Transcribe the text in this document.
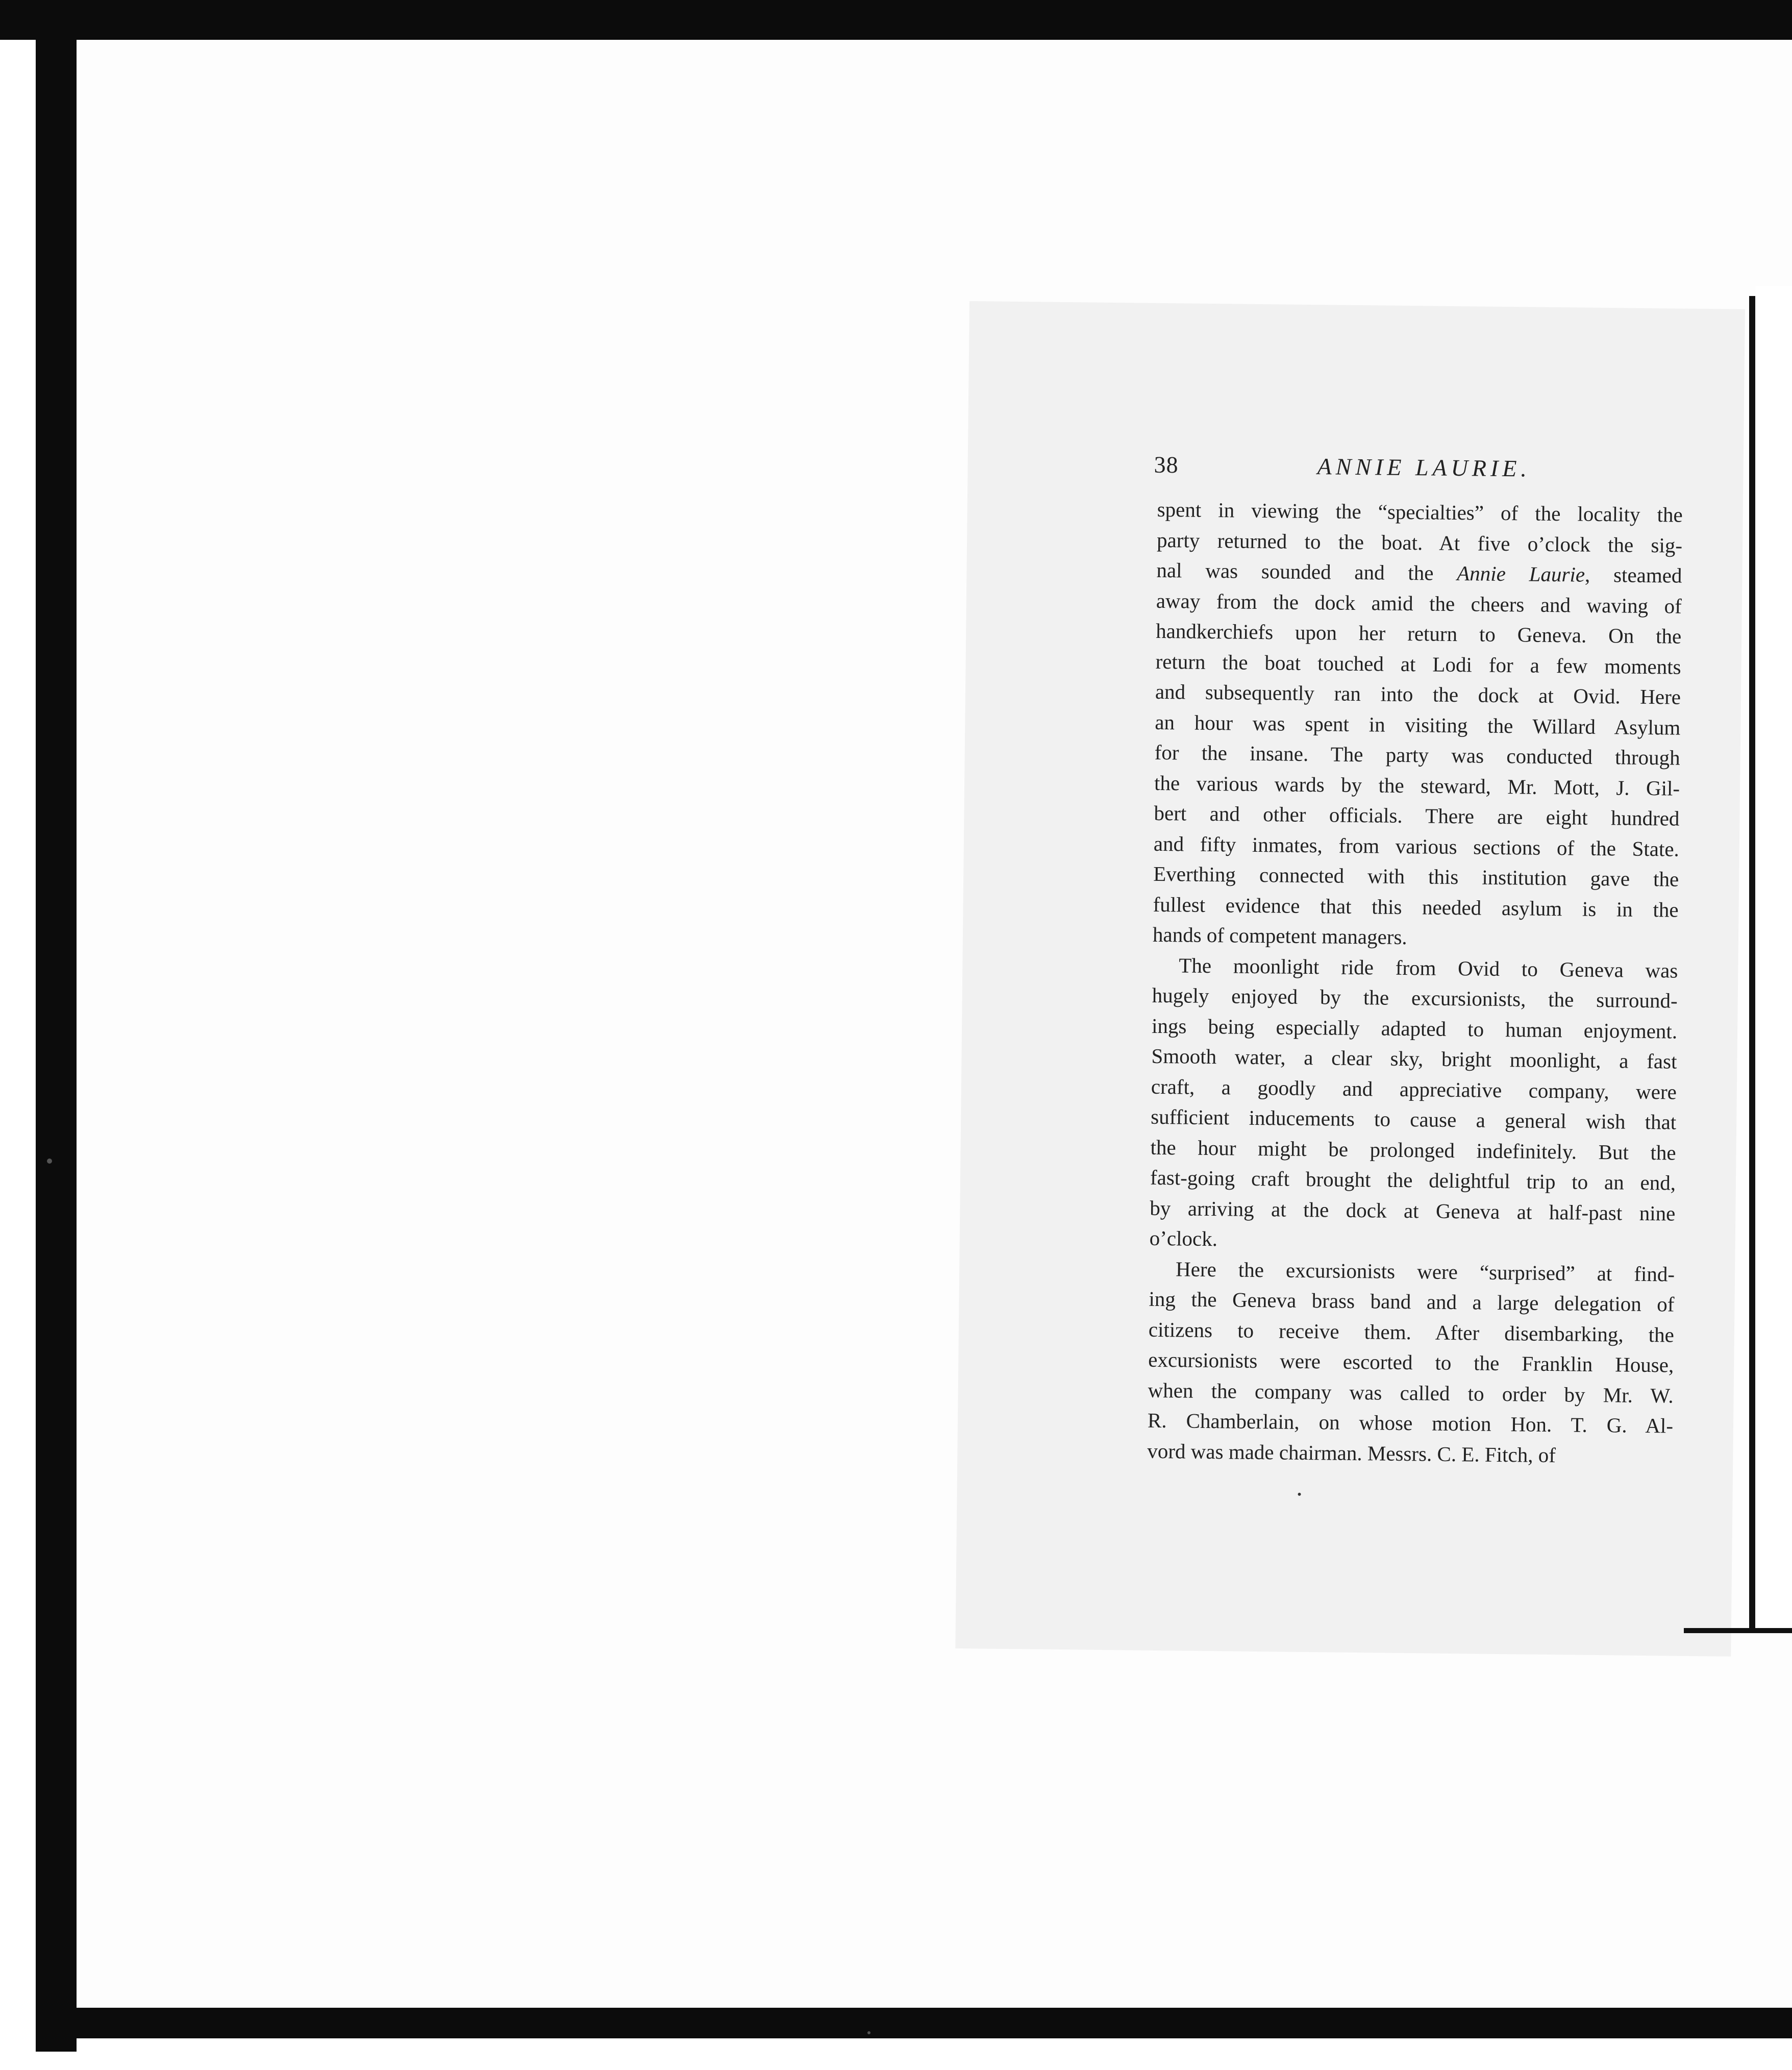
38	ANNIE LAURIE.

spent in viewing the “specialties” of the locality the
party returned to the boat. At five o’clock the sig-
nal was sounded and the Annie Laurie, steamed
away from the dock amid the cheers and waving of
handkerchiefs upon her return to Geneva. On the
return the boat touched at Lodi for a few moments
and subsequently ran into the dock at Ovid. Here
an hour was spent in visiting the Willard Asylum
for the insane. The party was conducted through
the various wards by the steward, Mr. Mott, J. Gil-
bert and other officials. There are eight hundred
and fifty inmates, from various sections of the State.
Everthing connected with this institution gave the
fullest evidence that this needed asylum is in the
hands of competent managers.

The moonlight ride from Ovid to Geneva was
hugely enjoyed by the excursionists, the surround-
ings being especially adapted to human enjoyment.
Smooth water, a clear sky, bright moonlight, a fast
craft, a goodly and appreciative company, were
sufficient inducements to cause a general wish that
the hour might be prolonged indefinitely. But the
fast-going craft brought the delightful trip to an end,
by arriving at the dock at Geneva at half-past nine
o’clock.

Here the excursionists were “surprised” at find-
ing the Geneva brass band and a large delegation of
citizens to receive them. After disembarking, the
excursionists were escorted to the Franklin House,
when the company was called to order by Mr. W.
R. Chamberlain, on whose motion Hon. T. G. Al-
vord was made chairman. Messrs. C. E. Fitch, of
